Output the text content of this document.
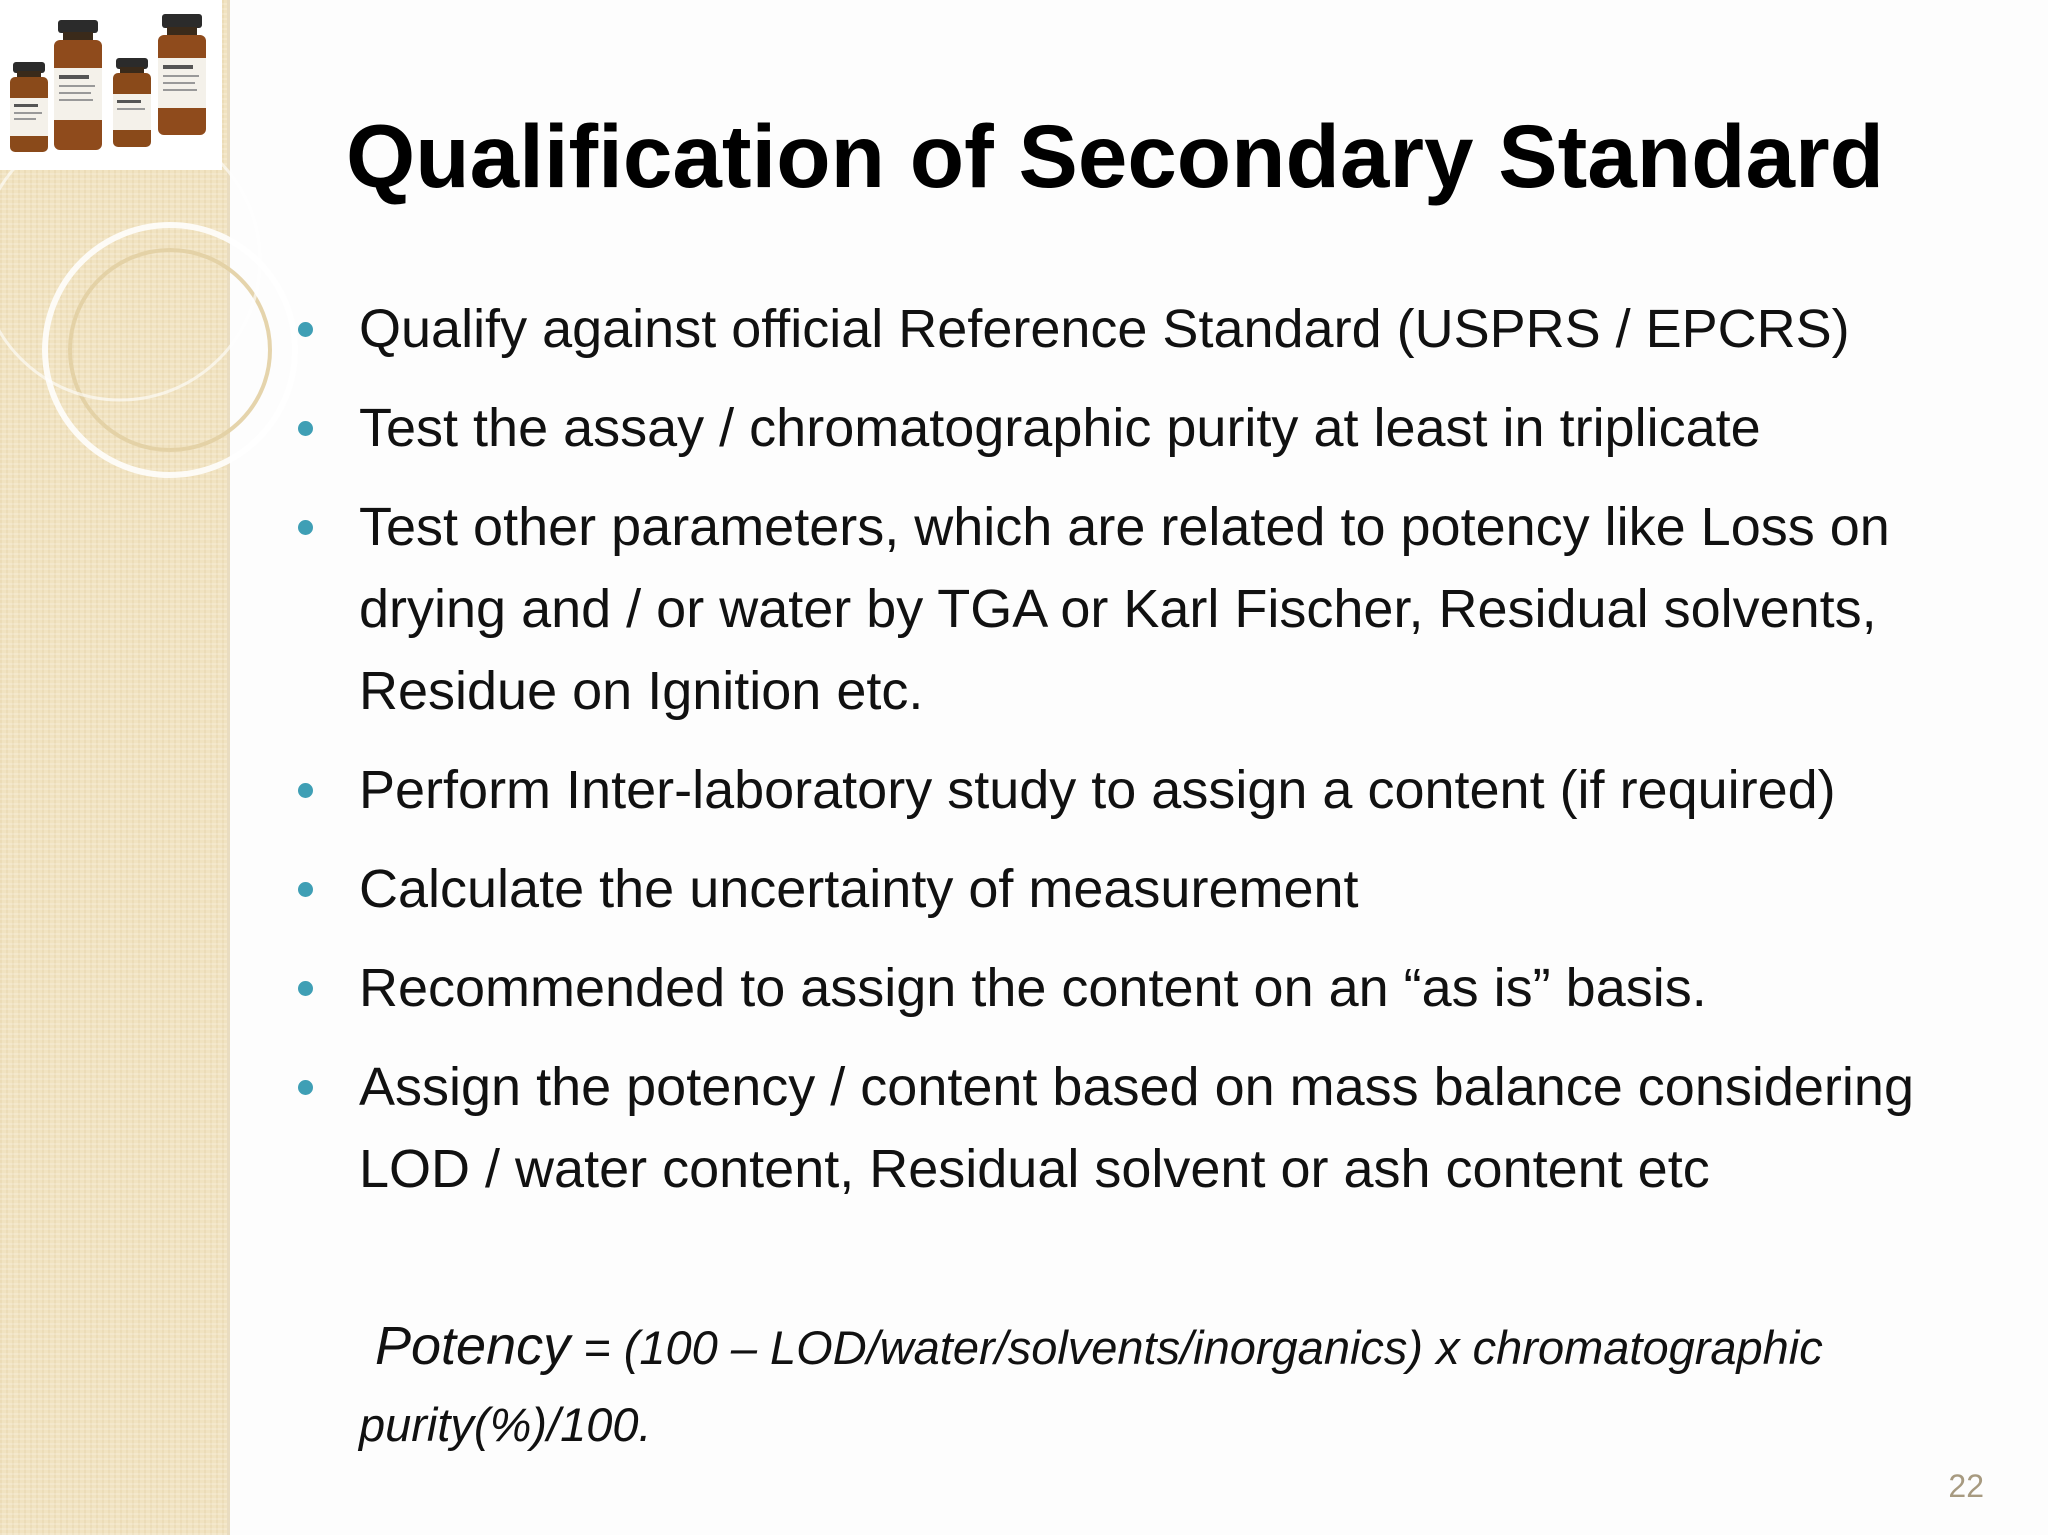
Qualification of Secondary Standard
Qualify against official Reference Standard (USPRS / EPCRS)
Test the assay / chromatographic purity at least in triplicate
Test other parameters, which are related to potency like Loss on drying and / or water by TGA or Karl Fischer, Residual solvents, Residue on Ignition etc.
Perform Inter-laboratory study to assign a content (if required)
Calculate the uncertainty of measurement
Recommended to assign the content on an “as is” basis.
Assign the potency / content based on mass balance considering LOD / water content, Residual solvent or ash content etc
Potency = (100 – LOD/water/solvents/inorganics) x chromatographic purity(%)/100.
22
